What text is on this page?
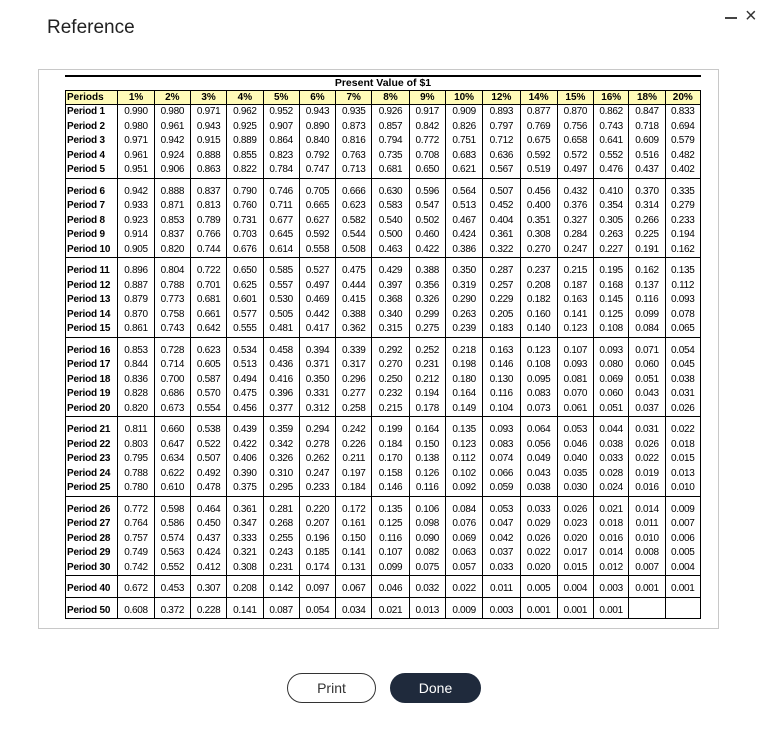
Reference
×
Present Value of $1
Periods	1%	2%	3%	4%	5%	6%	7%	8%	9%	10%	12%	14%	15%	16%	18%	20%
Period 1	0.990	0.980	0.971	0.962	0.952	0.943	0.935	0.926	0.917	0.909	0.893	0.877	0.870	0.862	0.847	0.833
Period 2	0.980	0.961	0.943	0.925	0.907	0.890	0.873	0.857	0.842	0.826	0.797	0.769	0.756	0.743	0.718	0.694
Period 3	0.971	0.942	0.915	0.889	0.864	0.840	0.816	0.794	0.772	0.751	0.712	0.675	0.658	0.641	0.609	0.579
Period 4	0.961	0.924	0.888	0.855	0.823	0.792	0.763	0.735	0.708	0.683	0.636	0.592	0.572	0.552	0.516	0.482
Period 5	0.951	0.906	0.863	0.822	0.784	0.747	0.713	0.681	0.650	0.621	0.567	0.519	0.497	0.476	0.437	0.402
Period 6	0.942	0.888	0.837	0.790	0.746	0.705	0.666	0.630	0.596	0.564	0.507	0.456	0.432	0.410	0.370	0.335
Period 7	0.933	0.871	0.813	0.760	0.711	0.665	0.623	0.583	0.547	0.513	0.452	0.400	0.376	0.354	0.314	0.279
Period 8	0.923	0.853	0.789	0.731	0.677	0.627	0.582	0.540	0.502	0.467	0.404	0.351	0.327	0.305	0.266	0.233
Period 9	0.914	0.837	0.766	0.703	0.645	0.592	0.544	0.500	0.460	0.424	0.361	0.308	0.284	0.263	0.225	0.194
Period 10	0.905	0.820	0.744	0.676	0.614	0.558	0.508	0.463	0.422	0.386	0.322	0.270	0.247	0.227	0.191	0.162
Period 11	0.896	0.804	0.722	0.650	0.585	0.527	0.475	0.429	0.388	0.350	0.287	0.237	0.215	0.195	0.162	0.135
Period 12	0.887	0.788	0.701	0.625	0.557	0.497	0.444	0.397	0.356	0.319	0.257	0.208	0.187	0.168	0.137	0.112
Period 13	0.879	0.773	0.681	0.601	0.530	0.469	0.415	0.368	0.326	0.290	0.229	0.182	0.163	0.145	0.116	0.093
Period 14	0.870	0.758	0.661	0.577	0.505	0.442	0.388	0.340	0.299	0.263	0.205	0.160	0.141	0.125	0.099	0.078
Period 15	0.861	0.743	0.642	0.555	0.481	0.417	0.362	0.315	0.275	0.239	0.183	0.140	0.123	0.108	0.084	0.065
Period 16	0.853	0.728	0.623	0.534	0.458	0.394	0.339	0.292	0.252	0.218	0.163	0.123	0.107	0.093	0.071	0.054
Period 17	0.844	0.714	0.605	0.513	0.436	0.371	0.317	0.270	0.231	0.198	0.146	0.108	0.093	0.080	0.060	0.045
Period 18	0.836	0.700	0.587	0.494	0.416	0.350	0.296	0.250	0.212	0.180	0.130	0.095	0.081	0.069	0.051	0.038
Period 19	0.828	0.686	0.570	0.475	0.396	0.331	0.277	0.232	0.194	0.164	0.116	0.083	0.070	0.060	0.043	0.031
Period 20	0.820	0.673	0.554	0.456	0.377	0.312	0.258	0.215	0.178	0.149	0.104	0.073	0.061	0.051	0.037	0.026
Period 21	0.811	0.660	0.538	0.439	0.359	0.294	0.242	0.199	0.164	0.135	0.093	0.064	0.053	0.044	0.031	0.022
Period 22	0.803	0.647	0.522	0.422	0.342	0.278	0.226	0.184	0.150	0.123	0.083	0.056	0.046	0.038	0.026	0.018
Period 23	0.795	0.634	0.507	0.406	0.326	0.262	0.211	0.170	0.138	0.112	0.074	0.049	0.040	0.033	0.022	0.015
Period 24	0.788	0.622	0.492	0.390	0.310	0.247	0.197	0.158	0.126	0.102	0.066	0.043	0.035	0.028	0.019	0.013
Period 25	0.780	0.610	0.478	0.375	0.295	0.233	0.184	0.146	0.116	0.092	0.059	0.038	0.030	0.024	0.016	0.010
Period 26	0.772	0.598	0.464	0.361	0.281	0.220	0.172	0.135	0.106	0.084	0.053	0.033	0.026	0.021	0.014	0.009
Period 27	0.764	0.586	0.450	0.347	0.268	0.207	0.161	0.125	0.098	0.076	0.047	0.029	0.023	0.018	0.011	0.007
Period 28	0.757	0.574	0.437	0.333	0.255	0.196	0.150	0.116	0.090	0.069	0.042	0.026	0.020	0.016	0.010	0.006
Period 29	0.749	0.563	0.424	0.321	0.243	0.185	0.141	0.107	0.082	0.063	0.037	0.022	0.017	0.014	0.008	0.005
Period 30	0.742	0.552	0.412	0.308	0.231	0.174	0.131	0.099	0.075	0.057	0.033	0.020	0.015	0.012	0.007	0.004
Period 40	0.672	0.453	0.307	0.208	0.142	0.097	0.067	0.046	0.032	0.022	0.011	0.005	0.004	0.003	0.001	0.001
Period 50	0.608	0.372	0.228	0.141	0.087	0.054	0.034	0.021	0.013	0.009	0.003	0.001	0.001	0.001		
Print	Done
